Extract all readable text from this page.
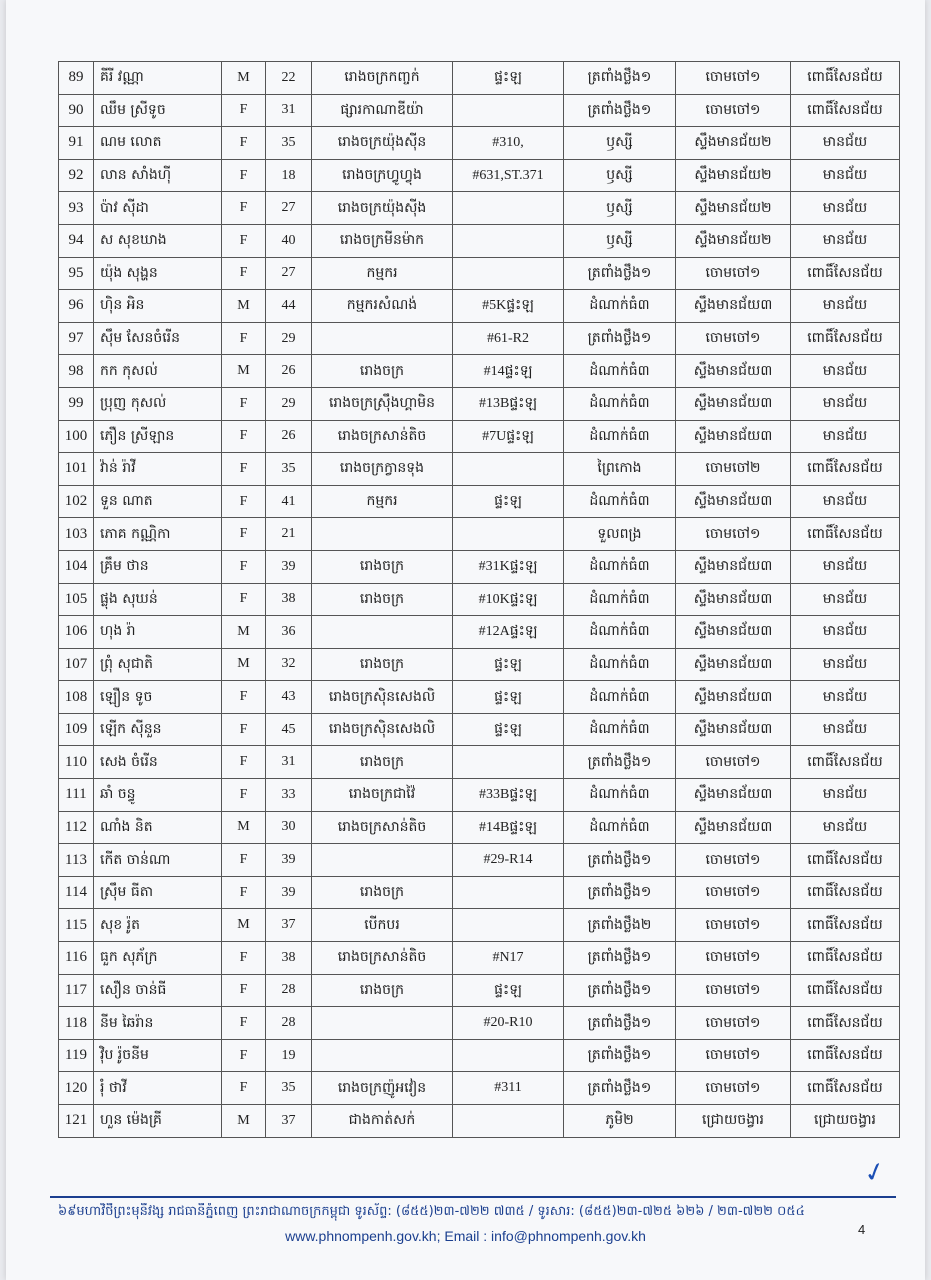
89	គីរី វណ្ណា	M	22	រោងចក្រកញ្ចក់	ផ្ទះឡ	ត្រពាំងថ្លឹង១	ចោមចៅ១	ពោធិ៍សែនជ័យ
90	ឈឹម ស្រីទូច	F	31	ផ្សារកាណាឌីយ៉ា		ត្រពាំងថ្លឹង១	ចោមចៅ១	ពោធិ៍សែនជ័យ
91	ណម លោត	F	35	រោងចក្រយ៉ុងស៊ីន	#310,	ឫស្សី	ស្ទឹងមានជ័យ២	មានជ័យ
92	លាន សាំងហ៊ី	F	18	រោងចក្រហ្វូហ្វុង	#631,ST.371	ឫស្សី	ស្ទឹងមានជ័យ២	មានជ័យ
93	ប៉ាវ ស៊ីដា	F	27	រោងចក្រយ៉ុងស៊ីង		ឫស្សី	ស្ទឹងមានជ័យ២	មានជ័យ
94	ស សុខឃាង	F	40	រោងចក្រមីនម៉ាក		ឫស្សី	ស្ទឹងមានជ័យ២	មានជ័យ
95	យ៉ុង សុង្ហន	F	27	កម្មករ		ត្រពាំងថ្លឹង១	ចោមចៅ១	ពោធិ៍សែនជ័យ
96	ហ៊ិន អិន	M	44	កម្មករសំណង់	#5Kផ្ទះឡ	ដំណាក់ធំ៣	ស្ទឹងមានជ័យ៣	មានជ័យ
97	ស៊ឹម សែនចំរើន	F	29		#61-R2	ត្រពាំងថ្លឹង១	ចោមចៅ១	ពោធិ៍សែនជ័យ
98	កក កុសល់	M	26	រោងចក្រ	#14ផ្ទះឡ	ដំណាក់ធំ៣	ស្ទឹងមានជ័យ៣	មានជ័យ
99	ប្រុញ កុសល់	F	29	រោងចក្រស៊្រឹងហ្គាមិន	#13Bផ្ទះឡ	ដំណាក់ធំ៣	ស្ទឹងមានជ័យ៣	មានជ័យ
100	ភឿន ស្រីឡាន	F	26	រោងចក្រសាន់តិច	#7Uផ្ទះឡ	ដំណាក់ធំ៣	ស្ទឹងមានជ័យ៣	មានជ័យ
101	វ៉ាន់ រ៉ាវី	F	35	រោងចក្រក្វានទុង		ព្រៃកោង	ចោមចៅ២	ពោធិ៍សែនជ័យ
102	ទួន ណាត	F	41	កម្មករ	ផ្ទះឡ	ដំណាក់ធំ៣	ស្ទឹងមានជ័យ៣	មានជ័យ
103	ភោគ កណ្ណិកា	F	21			ទួលពង្រ	ចោមចៅ១	ពោធិ៍សែនជ័យ
104	គ្រឹម ថាន	F	39	រោងចក្រ	#31Kផ្ទះឡ	ដំណាក់ធំ៣	ស្ទឹងមានជ័យ៣	មានជ័យ
105	ផ្លុង សុឃន់	F	38	រោងចក្រ	#10Kផ្ទះឡ	ដំណាក់ធំ៣	ស្ទឹងមានជ័យ៣	មានជ័យ
106	ហុង រ៉ា	M	36		#12Aផ្ទះឡ	ដំណាក់ធំ៣	ស្ទឹងមានជ័យ៣	មានជ័យ
107	ព្រុំ សុជាតិ	M	32	រោងចក្រ	ផ្ទះឡ	ដំណាក់ធំ៣	ស្ទឹងមានជ័យ៣	មានជ័យ
108	ឡឿន ទូច	F	43	រោងចក្រស៊ិនសេងលិ	ផ្ទះឡ	ដំណាក់ធំ៣	ស្ទឹងមានជ័យ៣	មានជ័យ
109	ឡើក ស៊ីនួន	F	45	រោងចក្រស៊ិនសេងលិ	ផ្ទះឡ	ដំណាក់ធំ៣	ស្ទឹងមានជ័យ៣	មានជ័យ
110	សេង ចំរើន	F	31	រោងចក្រ		ត្រពាំងថ្លឹង១	ចោមចៅ១	ពោធិ៍សែនជ័យ
111	ឆាំ ចន្ធូ	F	33	រោងចក្រជាវ៉ៃ	#33Bផ្ទះឡ	ដំណាក់ធំ៣	ស្ទឹងមានជ័យ៣	មានជ័យ
112	ណាំង និត	M	30	រោងចក្រសាន់តិច	#14Bផ្ទះឡ	ដំណាក់ធំ៣	ស្ទឹងមានជ័យ៣	មានជ័យ
113	កើត ចាន់ណា	F	39		#29-R14	ត្រពាំងថ្លឹង១	ចោមចៅ១	ពោធិ៍សែនជ័យ
114	ស្រ៊ឹម ធីតា	F	39	រោងចក្រ		ត្រពាំងថ្លឹង១	ចោមចៅ១	ពោធិ៍សែនជ័យ
115	សុខ រ៉ូត	M	37	បើកបរ		ត្រពាំងថ្លឹង២	ចោមចៅ១	ពោធិ៍សែនជ័យ
116	ធួក សុភ័ក្រ	F	38	រោងចក្រសាន់តិច	#N17	ត្រពាំងថ្លឹង១	ចោមចៅ១	ពោធិ៍សែនជ័យ
117	សឿន ចាន់ធី	F	28	រោងចក្រ	ផ្ទះឡ	ត្រពាំងថ្លឹង១	ចោមចៅ១	ពោធិ៍សែនជ័យ
118	នីម ឆៃរ៉ាន	F	28		#20-R10	ត្រពាំងថ្លឹង១	ចោមចៅ១	ពោធិ៍សែនជ័យ
119	វ៉ិប រ៉ូចនីម	F	19			ត្រពាំងថ្លឹង១	ចោមចៅ១	ពោធិ៍សែនជ័យ
120	រុំ ថាវី	F	35	រោងចក្រញ៉ូអវៀន	#311	ត្រពាំងថ្លឹង១	ចោមចៅ១	ពោធិ៍សែនជ័យ
121	ហួន ម៉េងគ្រី	M	37	ជាងកាត់សក់		ភូមិ២	ជ្រោយចង្វារ	ជ្រោយចង្វារ
✓
៦៩មហាវិថីព្រះមុនីវង្ស រាជធានីភ្នំពេញ ព្រះរាជាណាចក្រកម្ពុជា ទូរស័ព្ទ: (៨៥៥)២៣-៧២២ ៧៣៥ / ទូរសារ: (៨៥៥)២៣-៧២៥ ៦២៦ / ២៣-៧២២ ០៥៤
4
www.phnompenh.gov.kh; Email : info@phnompenh.gov.kh
